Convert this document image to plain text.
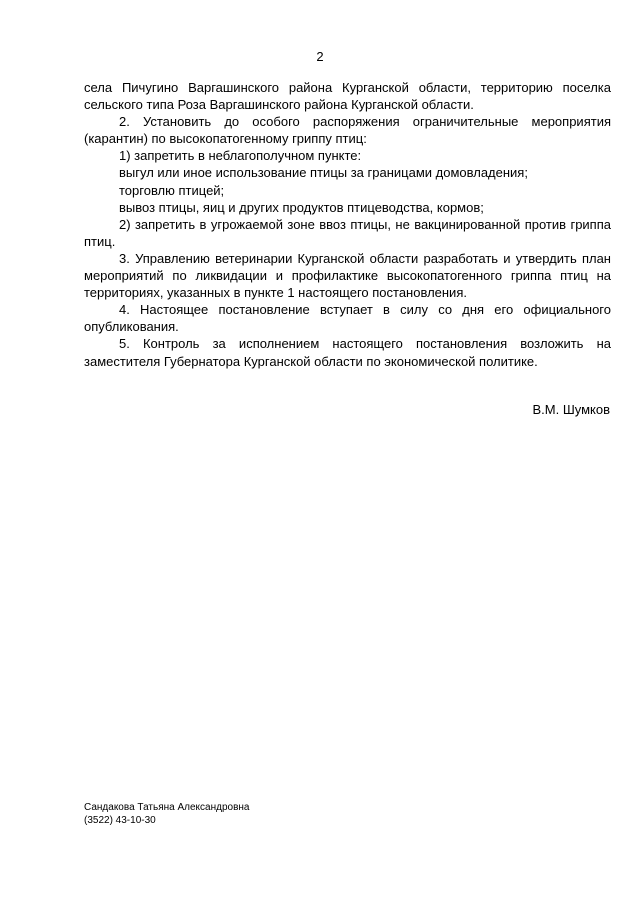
2

села Пичугино Варгашинского района Курганской области, территорию поселка сельского типа Роза Варгашинского района Курганской области.

2. Установить до особого распоряжения ограничительные мероприятия (карантин) по высокопатогенному гриппу птиц:

1) запретить в неблагополучном пункте:

выгул или иное использование птицы за границами домовладения;

торговлю птицей;

вывоз птицы, яиц и других продуктов птицеводства, кормов;

2) запретить в угрожаемой зоне ввоз птицы, не вакцинированной против гриппа птиц.

3. Управлению ветеринарии Курганской области разработать и утвердить план мероприятий по ликвидации и профилактике высокопатогенного гриппа птиц на территориях, указанных в пункте 1 настоящего постановления.

4. Настоящее постановление вступает в силу со дня его официального опубликования.

5. Контроль за исполнением настоящего постановления возложить на заместителя Губернатора Курганской области по экономической политике.

В.М. Шумков
Сандакова Татьяна Александровна
(3522) 43-10-30
